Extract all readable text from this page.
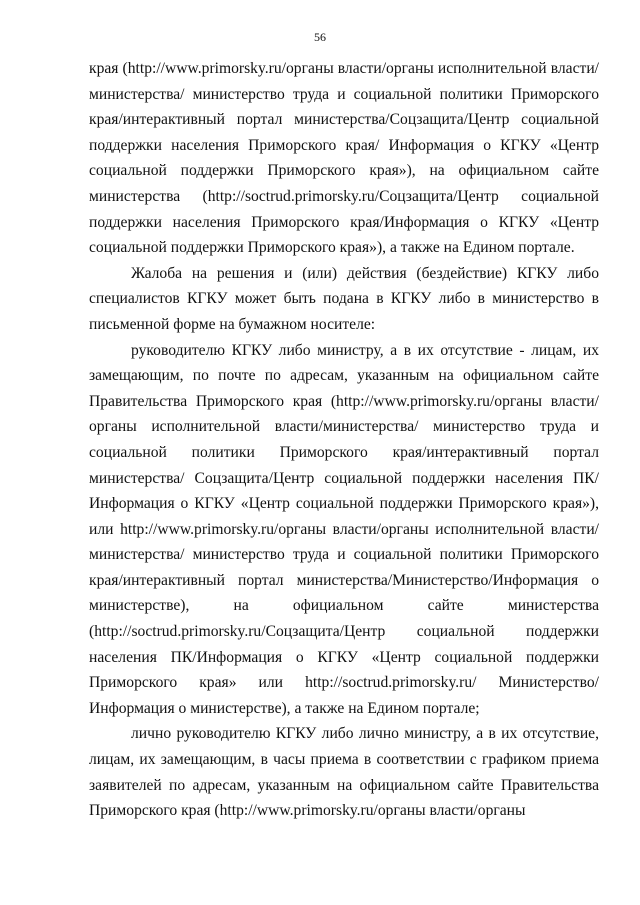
56

края (http://www.primorsky.ru/органы власти/органы исполнительной власти/ министерства/ министерство труда и социальной политики Приморского края/интерактивный портал министерства/Соцзащита/Центр социальной поддержки населения Приморского края/ Информация о КГКУ «Центр социальной поддержки Приморского края»), на официальном сайте министерства (http://soctrud.primorsky.ru/Соцзащита/Центр социальной поддержки населения Приморского края/Информация о КГКУ «Центр социальной поддержки Приморского края»), а также на Едином портале.

Жалоба на решения и (или) действия (бездействие) КГКУ либо специалистов КГКУ может быть подана в КГКУ либо в министерство в письменной форме на бумажном носителе:

руководителю КГКУ либо министру, а в их отсутствие - лицам, их замещающим, по почте по адресам, указанным на официальном сайте Правительства Приморского края (http://www.primorsky.ru/органы власти/органы исполнительной власти/министерства/ министерство труда и социальной политики Приморского края/интерактивный портал министерства/ Соцзащита/Центр социальной поддержки населения ПК/Информация о КГКУ «Центр социальной поддержки Приморского края»), или http://www.primorsky.ru/органы власти/органы исполнительной власти/ министерства/ министерство труда и социальной политики Приморского края/интерактивный портал министерства/Министерство/Информация о министерстве), на официальном сайте министерства (http://soctrud.primorsky.ru/Соцзащита/Центр социальной поддержки населения ПК/Информация о КГКУ «Центр социальной поддержки Приморского края» или http://soctrud.primorsky.ru/ Министерство/Информация о министерстве), а также на Едином портале;

лично руководителю КГКУ либо лично министру, а в их отсутствие, лицам, их замещающим, в часы приема в соответствии с графиком приема заявителей по адресам, указанным на официальном сайте Правительства Приморского края (http://www.primorsky.ru/органы власти/органы
